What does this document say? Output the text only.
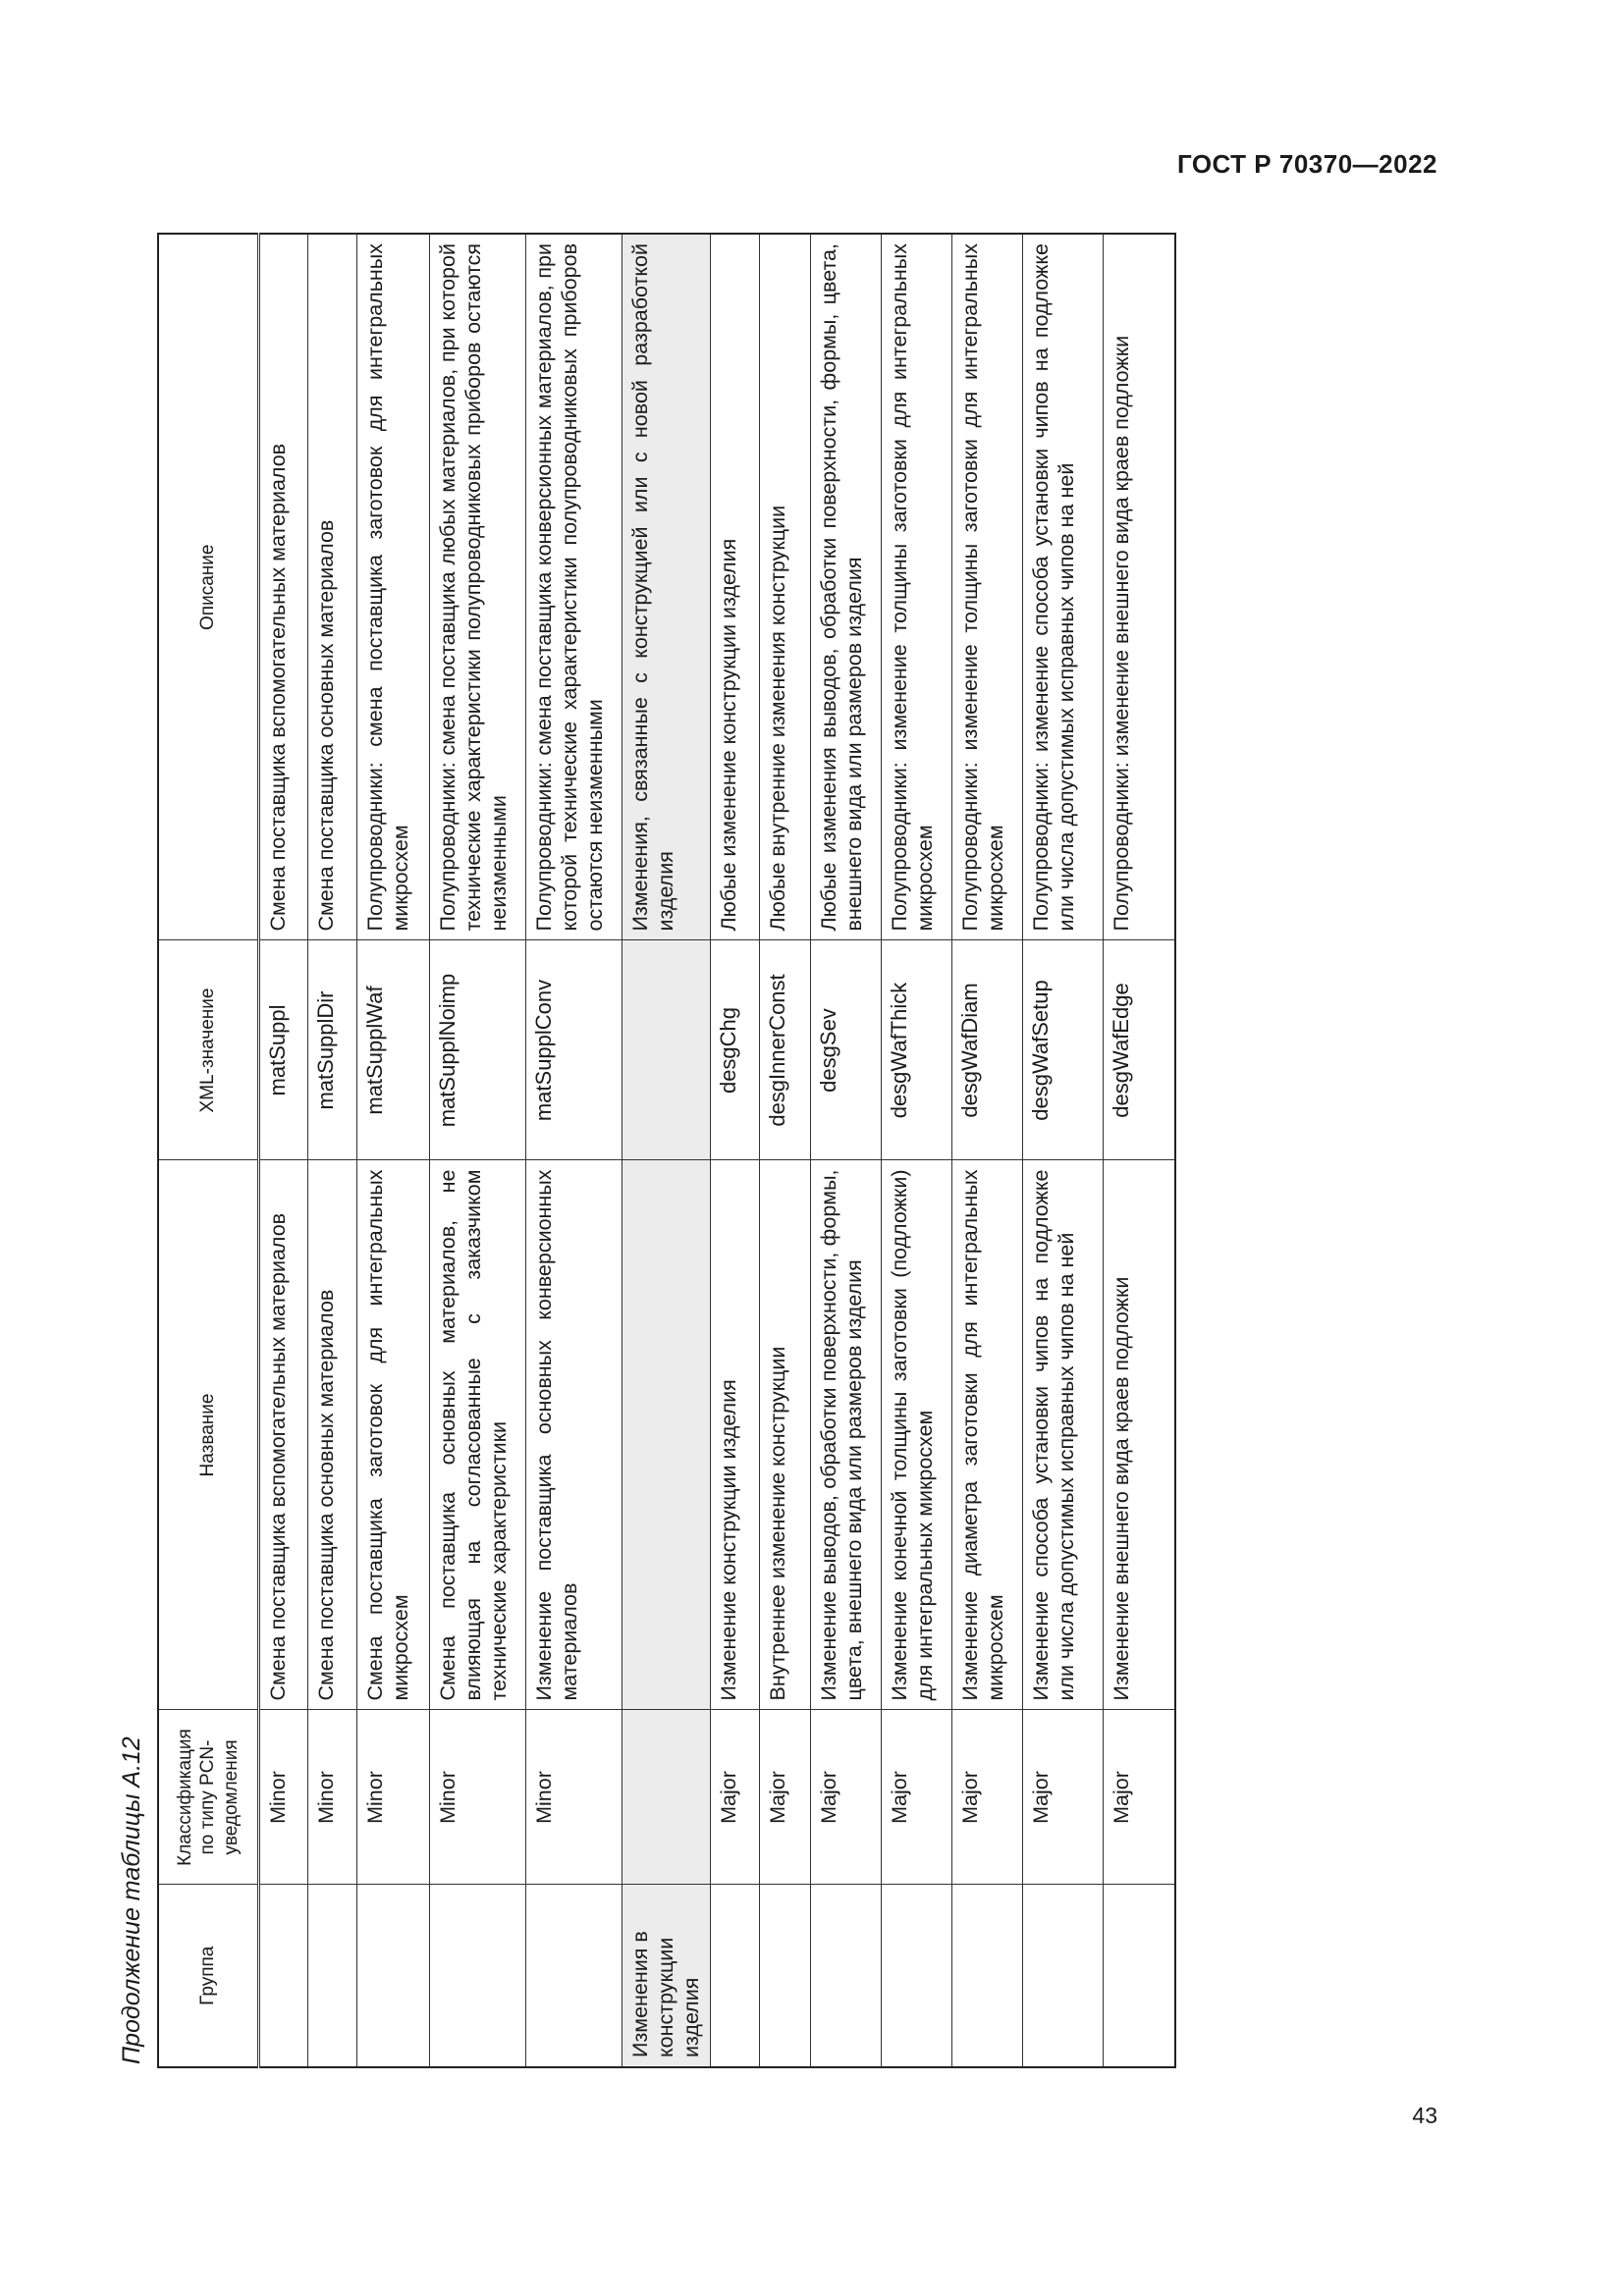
ГОСТ Р 70370—2022
Продолжение таблицы А.12	Группа	Классификация по типу PCN-уведомления	Название	XML-значение	Описание
	Minor	Смена поставщика вспомогательных материалов	matSuppl	Смена поставщика вспомогательных материалов
	Minor	Смена поставщика основных материалов	matSupplDir	Смена поставщика основных материалов
	Minor	Смена поставщика заготовок для интегральных микросхем	matSupplWaf	Полупроводники: смена поставщика заготовок для интегральных микросхем
	Minor	Смена поставщика основных материалов, не влияющая на согласованные с заказчиком технические характеристики	matSupplNoimp	Полупроводники: смена поставщика любых материалов, при которой технические характеристики полупроводниковых приборов остаются неизменными
	Minor	Изменение поставщика основных конверсионных материалов	matSupplConv	Полупроводники: смена поставщика конверсионных материалов, при которой технические характеристики полупроводниковых приборов остаются неизменными
Изменения в конструкции изделия				Изменения, связанные с конструкцией или с новой разработкой изделия
	Major	Изменение конструкции изделия	desgChg	Любые изменение конструкции изделия
	Major	Внутреннее изменение конструкции	desgInnerConst	Любые внутренние изменения конструкции
	Major	Изменение выводов, обработки поверхности, формы, цвета, внешнего вида или размеров изделия	desgSev	Любые изменения выводов, обработки поверхности, формы, цвета, внешнего вида или размеров изделия
	Major	Изменение конечной толщины заготовки (подложки) для интегральных микросхем	desgWafThick	Полупроводники: изменение толщины заготовки для интегральных микросхем
	Major	Изменение диаметра заготовки для интегральных микросхем	desgWafDiam	Полупроводники: изменение толщины заготовки для интегральных микросхем
	Major	Изменение способа установки чипов на подложке или числа допустимых исправных чипов на ней	desgWafSetup	Полупроводники: изменение способа установки чипов на подложке или числа допустимых исправных чипов на ней
	Major	Изменение внешнего вида краев подложки	desgWafEdge	Полупроводники: изменение внешнего вида краев подложки
43
